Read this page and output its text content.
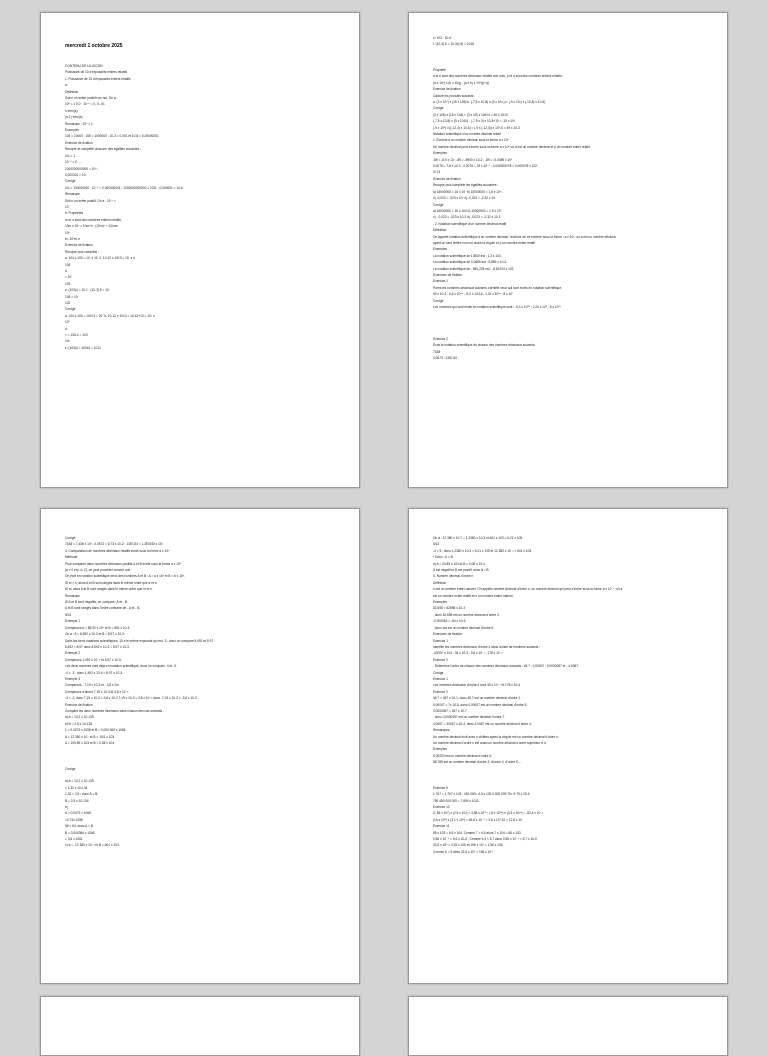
mercredi 1 octobre 2025
CONTENU DE LA LECON
Puissance de 10 d'exposants entiers relatifs
1. Puissance de 10 d'exposants entiers relatifs
a.
Définition
Soit n un entier positif non nul. On a :
10ⁿ = 1 0 0 · 10⁻ⁿ = 0, 0...01
n zéro(s)
(n-1) zéro(s)
Remarque : 10⁰ = 1.
Exemples
104 = 10000 ; 106 = 1000000 ; 10-3 = 0,001 et 10-8 = 0,00000001
Exercice de fixation
Recopie et complète chacune des égalités suivantes :
10² = 1 ...
10⁻⁵ = 0, ...
1000000000000 = 10^...
0,000001 = 10·
Corrigé
10² = 100000000 ; 10⁻⁵ = 0,000000001 ; 1000000000000 = 1011 ; 0,000001 = 10-6
Remarque
Soit n un entier positif. On a : 10⁻ⁿ =
10·
b. Propriétés
m et n sont des nombres entiers relatifs.
10m x 10ⁿ = 10m+n ; (10m)ⁿ = 10mxn
10ⁿ
b= 10^m-n
Exercice de fixation
Recopie puis complète :
a. 104 x 103 = 10· x 10⁻2, 10-12 x 1013 = 10· x 4
105
d.
= 10·
103
e. (103)4 = 10·1 ; (10-3) 5 = 10·
108 = 10·
102
Corrigé
a. 104 x 103 = 104+3 = 10⁷ b. 10-12 x 1013 = 10-12+13 = 10¹ c.
10⁵
d.
= = 105-2 = 103
10²
e. (103)4 = 103x4 = 1012
f= 103 · 10-5
f. (10-3) 6 = 10-3x) 6) = 1018
Propriété
a et b sont des nombres décimaux relatifs non nuls, p et q sont des nombres entiers relatifs.
(a x 10ᵖ) x (b x 10q) - (a x b) x 10^(p+q)
Exercice de fixation
Calcule les produits suivants :
a. (3 x 10⁴) x (15 x 106) b. (-7,5 x 10-8) x (3 x 10¹¹) c. (-9 x 10²) x (-12,8) x 10-6)
Corrigé
(3 x 106) x (15 x 104) = (3 x 15) x 106+4 = 50 x 1010
(-7,5 x 10-8) x (3 x 1010) - (-7,5 x 3) x 10-8+10 = -10 x 10⁴
(-9 x 10⁵) x [(-12,4) x 10-6] = (-9 x (-12,4)) x 10⁵-6 = 49 x 10-3
Notation scientifique d'un nombre décimal relatif
1. Écriture d'un nombre décimal sous la forme a x 10ᵖ
Un nombre décimal peut s'écrire sous la forme a x 10ᵖ où a est un nombre décimal et p un nombre entier relatif.
Exemples
-89 = -8,9 x 10 ; -89 = -8900 x 10-2 ; -89 = -0,0089 x 10⁴
0,0078 = 7,8 x 10-3 ; 0,0078 = 78 x 10⁻⁴ ; 0,000000078 = 0,000078 x 102.
3/ 13
Exercice de fixation
Recopie puis complète les égalités suivantes :
a) 16000000 = 16 x 10· b) 15000000 = 1,5 x 10^...
c) -0,023 = -023 x 10· d) -0,023 = -2,32 x 10·
Corrigé
a) 16000000 = 16 x 104 b) 15000000 = 1,5 x 10⁷
c) - 0,023 = -023 x 10-3 d) -0,023 = -2,32 x 10-1
- 2. Notation scientifique d'un nombre décimal relatif
Définition
On appelle notation scientifique d'un nombre décimal, l'écriture de ce nombre sous la forme : a x 10ᵖ, où a est un nombre décimal
ayant un seul chiffre non nul avant la virgule et p un nombre entier relatif.
Exemples
La notation scientifique de 13000 est : 1,3 x 104.
La notation scientifique de 0,0689 est : 6,889 x 10-2.
La notation scientifique de - 881,204 est : -8,81204 x 102.
Exercices de fixation
Exercice 1
Parmi les nombres décimaux suivants, identifie ceux qui sont écrits en notation scientifique.
93 x 10-3 ; 0,6 x 10⁵ᵃ ; -5,4 x 10¹16 ; 1,24 x 10⁵ᵃ ; 8 x 10⁷
Corrigé
Les nombres qui sont écrits en notation scientifique sont : -5,4 x 10⁵ᵃ ; 1,24 x 10⁵ ; 8 x 10⁷ᵃ
Exercice 2
Écris la notation scientifique de chacun des nombres décimaux suivants.
7438
0,0673 ; 1357,84 ;
Corrigé
7438 = 7,438 x 10³ ; 0,0673 = 6,73 x 10-2 ; 1357,84 = 1,357840 x 10³.
3. Comparaison de nombres décimaux relatifs écrits sous la forme a x 10ᵖ
Méthode
Pour comparer deux nombres décimaux positifs A et B écrits sous la forme a x 10ᵖ
(a ≠ 0 et p ∈ Z), on peut procéder comme suit :
On écrit en notation scientifique deux des nombres A et B : A = a x 10ᵖ et B = b x 10ᵖ.
Si m > n, alors A et B sont rangés dans le même ordre que a et b.
Si m, alors A et B sont rangés dans le même ordre que m et n.
Remarque
Si A et B sont négatifs, on compare -A et - B.
A et B sont rangés dans l'ordre contraire de - A et - B.
5/13
Exemple 1
Comparons A = 85,92 x 10⁴ et B = 891 x 10-3.
On a : A = 8,592 x 10-3 et B = 8,97 x 10-3.
Dans les deux notations scientifiques, 10 a le même exposant qui est -3 ; donc on compare 8,492 et 8,97.
8,492 < 8,97 donc 8,592 x 10-3 < 8,97 x 10-3.
Exemple 2
Comparons 1,492 x 10⁻⁴ et 8,97 x 10-3.
Les deux nombres sont déjà en notation scientifique, donc on compare -4 et -3.
-4 < -3 ; donc 1,492 x 10-4 < 8,97 x 10-3.
Exemple 3
Comparons - 7,19 x 10-3 et - 3,8 x 10².
Comparons d'abord 7,19 x 10-3 et 3,8 x 10⁻².
-3 < -2, donc 7,19 x 10-3 < 3,8 x 10-2 7,19 x 10-3 < 3,8 x 10⁻² donc -7,19 x 10-3 > -3,8 x 10-2.
Exercice de fixation
Compare les deux nombres décimaux dans chacun des cas suivants :
a) A = 13,2 x 10-135
et B = 2,5 x 10-135.
1 = 0,0073 x 1058 et B = 0,000 369 x 1068
A = 12 380 x 10⁻ et B = -601 x 103.
A = 105,89 x 103 et B = 0,08 x 104.
Corrigé
a) A = 13,2 x 10-135
= 1,32 x 10-134
1,32 < 2,5 ; donc A < B.
B = 2,5 x 10-134
b)
A = 0,0073 x 1068
=0,73x 1058
56 < 64, donc A < B.
B = 0,000366 x 1068
= 3,6 x 1061
c) A = -12 380 x 10⁻² et B =-601 x 103.
On a : 12 380 x 10-7 = 1,2380 x 10-3 et 601 x 103 = 6,21 x 105.
6/13
-3 < 5 ; donc 1,2380 x 10-3 < 6,21 x 105 et 12,380 x 10⁻² < 601 x 103.
* Donc : A > B
d) A = 00,89 x 103 et B = 0,08 x 10-4
A est négatif et B est positif, donc A < B.
II- Nombre décimal d'ordre n
Définition
n est un nombre entier naturel. On appelle nombre décimal d'ordre n, un nombre décimal qui peut s'écrire sous la forme a x 10⁻ⁿ, où a
est un nombre entier relatif et n un nombre entier naturel.
Exemples
52,698 = 52698 x 10-3
, donc 52,698 est un nombre décimal d'ordre 3.
-0,000064 = -64 x 10-6
, donc est est un nombre décimal d'ordre 6.
Exercices de fixation
Exercice 1
Identifie les nombres décimaux d'ordre 4 dans la liste de nombres suivants :
-43/10⁴ x 104 ; 35 x 10-4 ; 3,6 x 10⁻¹ ; 178 x 10⁻³
Exercice 2
. Détermine l'ordre de chacun des nombres décimaux suivants : 45,7 ; 0,00007 ; 0,0000057 et - 4,0067.
Corrigé
Exercice 1
Les nombres décimaux d'ordre 4 sont 35 x 10⁻⁴ et 178 x 10-4
Exercice 2
45,7 = 457 x 10-1, donc 45,7 est un nombre décimal d'ordre 1.
0,00007 = 7x 10-5, donc 0,00007 est un nombre décimal d'ordre 5.
0,0000057 = 457 x 10-7
, donc 0,0000457 est un nombre décimal d'ordre 7.
4,0067 = 40067 x 10-4, donc 4,0067 est un nombre décimal d'ordre 4.
Remarques
Un nombre décimal écrit avec n chiffres après la virgule est un nombre décimal d'ordre n.
Un nombre décimal d'ordre n est aussi un nombre décimal d'ordre supérieur à n.
Exemples
0,00003 est un nombre décimal d'ordre 5.
58,789 est un nombre décimal d'ordre 3, d'ordre 4, d'ordre 5,...
Exercice 9
1 767 = 1,767 x 103 ; 452 000= 4,5 x 105 0,000 009 75= 9,75 x 10-6
789 450 000 000 = 7,894 x 1011
Exercice 10
(1,55 x 10⁵) x (2,5 x 10²) = 3,88 x 10⁷ᵃ ; ( 8 x 10⁵ᵃ) x (0,3 x 10³ᵃ) = -52,4 x 10⁻²
(16 x 10⁵) x (3,1 x 10⁵) = 56,8 x 10⁻⁷ = 3,5 x 10⁷ 42 = 12,8 x 10
Exercice 11
65 x 103 = 6,5 x 104. Comme 7 > 6,5 alors 7 x 104 > 65 x 103
0,56 x 10⁻⁴ = 5,6 x 10-5 ; Comme 5,4 < 5,7 alors 0,56 x 10⁻⁴ < 5,7 x 10-5
32,5 x 10⁵ = 3,25 x 106 et 156 x 10⁴ = 1,56 x 106
Comme 6 > 5 alors 32,5 x 10⁵ > 156 x 10⁴
